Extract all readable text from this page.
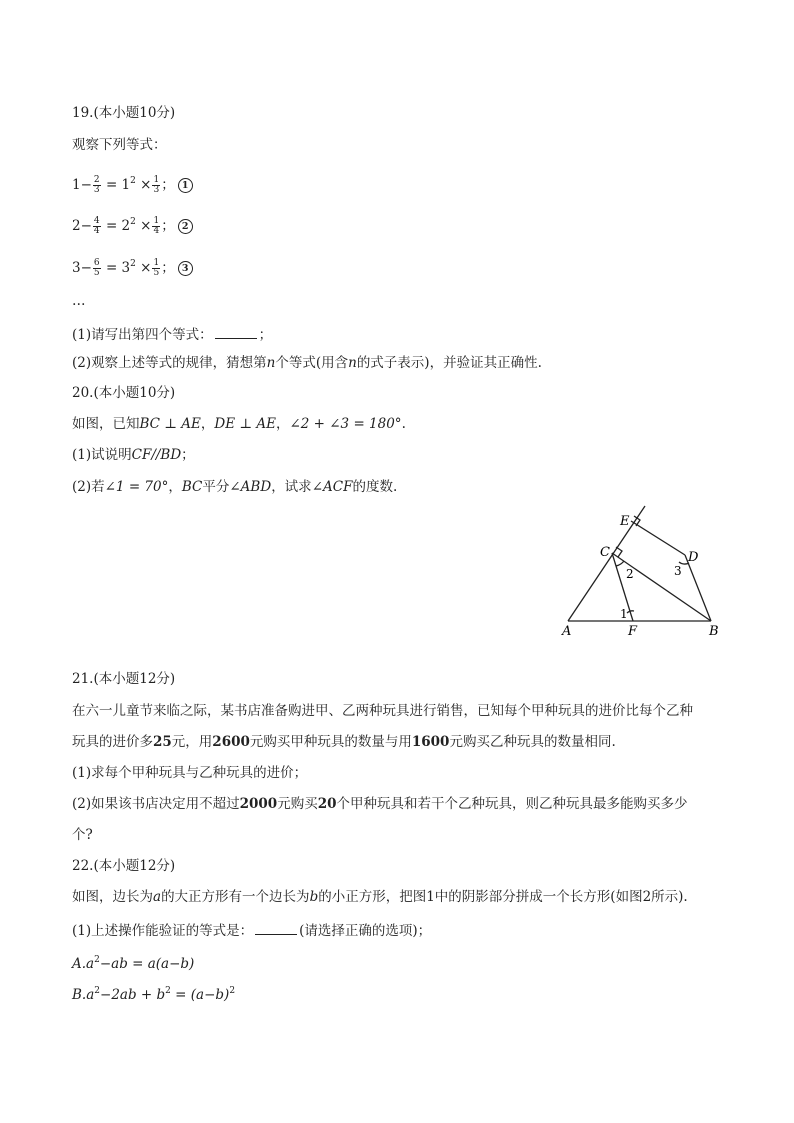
19.(本小题10分)
观察下列等式：
$1- \frac{2}{3} = 1^2 \times \frac{1}{3}$ ； 1
$2- \frac{4}{4} = 2^2 \times \frac{1}{4}$ ； 2
$3- \frac{6}{5} = 3^2 \times \frac{1}{5}$ ； 3
…
(1)请写出第四个等式：	；
(2)观察上述等式的规律，猜想第n个等式(用含n的式子表示)，并验证其正确性.
20.(本小题10分)
如图，已知BC ⊥ AE，DE ⊥ AE，∠2 + ∠3 = 180°.
(1)试说明CF//BD；
(2)若∠1 = 70°，BC平分∠ABD，试求∠ACF的度数.
E
C	D
A	F	B
1
2	3
21.(本小题12分)
在六一儿童节来临之际，某书店准备购进甲、乙两种玩具进行销售，已知每个甲种玩具的进价比每个乙种
玩具的进价多25元，用2600元购买甲种玩具的数量与用1600元购买乙种玩具的数量相同.
(1)求每个甲种玩具与乙种玩具的进价；
(2)如果该书店决定用不超过2000元购买20个甲种玩具和若干个乙种玩具，则乙种玩具最多能购买多少
个?
22.(本小题12分)
如图，边长为a的大正方形有一个边长为b的小正方形，把图1中的阴影部分拼成一个长方形(如图2所示).
(1)上述操作能验证的等式是：	(请选择正确的选项)；
$A.a^2-ab = a(a-b)$
$B.a^2-2ab + b^2 = (a-b)^2$
